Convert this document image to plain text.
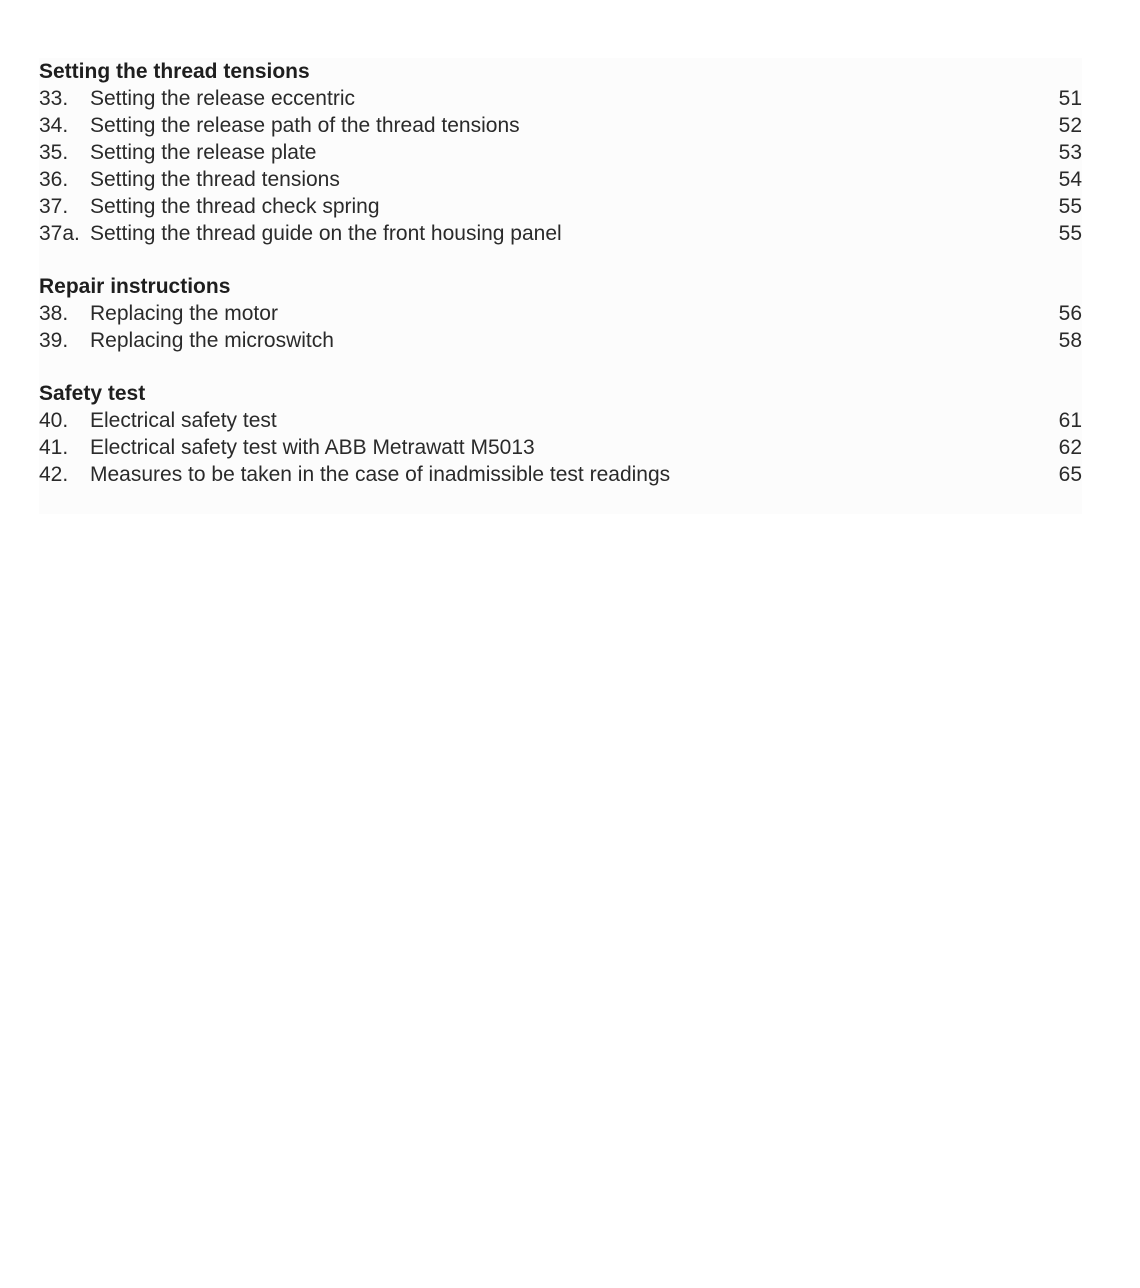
Setting the thread tensions
33.	Setting the release eccentric	51
34.	Setting the release path of the thread tensions	52
35.	Setting the release plate	53
36.	Setting the thread tensions	54
37.	Setting the thread check spring	55
37a. Setting the thread guide on the front housing panel	55
Repair instructions
38.	Replacing the motor	56
39.	Replacing the microswitch	58
Safety test
40.	Electrical safety test	61
41.	Electrical safety test with ABB Metrawatt M5013	62
42.	Measures to be taken in the case of inadmissible test readings	65
